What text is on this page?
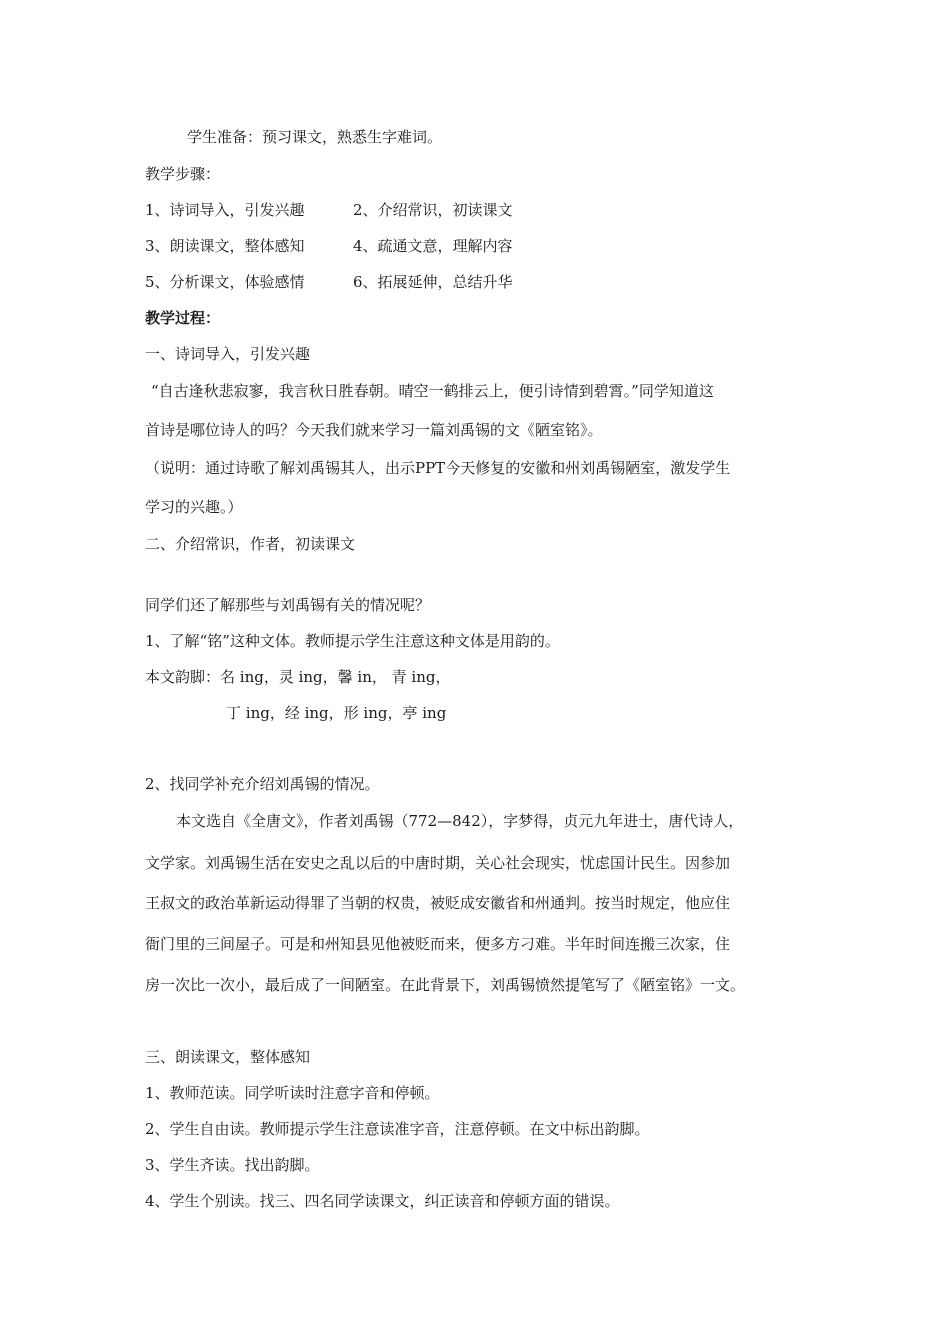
学生准备：预习课文，熟悉生字难词。
教学步骤：
1、诗词导入，引发兴趣	2、介绍常识，初读课文
3、朗读课文，整体感知	4、疏通文意，理解内容
5、分析课文，体验感情	6、拓展延伸，总结升华
教学过程：
一、诗词导入，引发兴趣
“自古逢秋悲寂寥，我言秋日胜春朝。晴空一鹤排云上，便引诗情到碧霄。”同学知道这
首诗是哪位诗人的吗？今天我们就来学习一篇刘禹锡的文《陋室铭》。
（说明：通过诗歌了解刘禹锡其人，出示PPT今天修复的安徽和州刘禹锡陋室，激发学生
学习的兴趣。）
二、介绍常识，作者，初读课文
同学们还了解那些与刘禹锡有关的情况呢？
1、了解“铭”这种文体。教师提示学生注意这种文体是用韵的。
本文韵脚：名 ing，灵 ing，馨 in， 青 ing，
丁 ing，经 ing，形 ing，亭 ing
2、找同学补充介绍刘禹锡的情况。
本文选自《全唐文》，作者刘禹锡（772—842），字梦得，贞元九年进士，唐代诗人，
文学家。刘禹锡生活在安史之乱以后的中唐时期，关心社会现实，忧虑国计民生。因参加
王叔文的政治革新运动得罪了当朝的权贵，被贬成安徽省和州通判。按当时规定，他应住
衙门里的三间屋子。可是和州知县见他被贬而来，便多方刁难。半年时间连搬三次家，住
房一次比一次小，最后成了一间陋室。在此背景下，刘禹锡愤然提笔写了《陋室铭》一文。
三、朗读课文，整体感知
1、教师范读。同学听读时注意字音和停顿。
2、学生自由读。教师提示学生注意读准字音，注意停顿。在文中标出韵脚。
3、学生齐读。找出韵脚。
4、学生个别读。找三、四名同学读课文，纠正读音和停顿方面的错误。
